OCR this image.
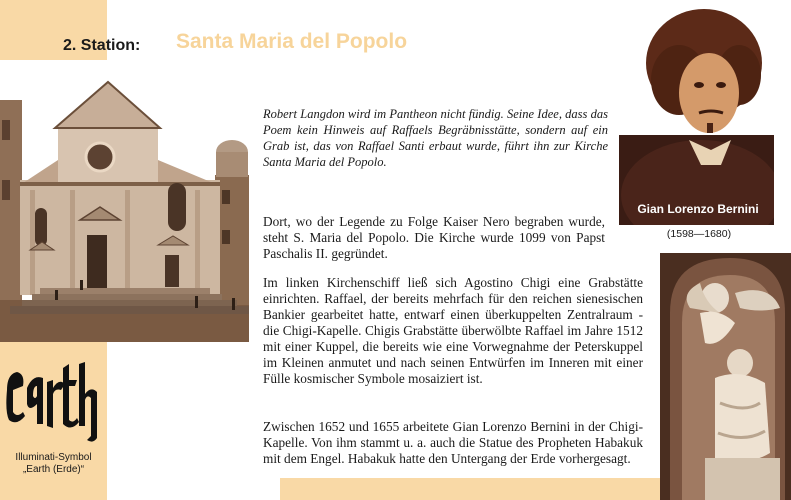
2. Station: Santa Maria del Popolo
Gian Lorenzo Bernini
(1598—1680)
Illuminati-Symbol
„Earth (Erde)“

Robert Langdon wird im Pantheon nicht fündig. Seine Idee, dass das Poem kein Hinweis auf Raffaels Begräbnisstätte, sondern auf ein Grab ist, das von Raffael Santi erbaut wurde, führt ihn zur Kirche Santa Maria del Popolo.

Dort, wo der Legende zu Folge Kaiser Nero begraben wurde, steht S. Maria del Popolo. Die Kirche wurde 1099 von Papst Paschalis II. gegründet.

Im linken Kirchenschiff ließ sich Agostino Chigi eine Grabstätte einrichten. Raffael, der bereits mehrfach für den reichen sienesischen Bankier gearbeitet hatte, entwarf einen überkuppelten Zentralraum - die Chigi-Kapelle. Chigis Grabstätte überwölbte Raffael im Jahre 1512 mit einer Kuppel, die bereits wie eine Vorwegnahme der Peterskuppel im Kleinen anmutet und nach seinen Entwürfen im Inneren mit einer Fülle kosmischer Symbole mosaiziert ist.

Zwischen 1652 und 1655 arbeitete Gian Lorenzo Bernini in der Chigi-Kapelle. Von ihm stammt u. a. auch die Statue des Propheten Habakuk mit dem Engel. Habakuk hatte den Untergang der Erde vorhergesagt.
